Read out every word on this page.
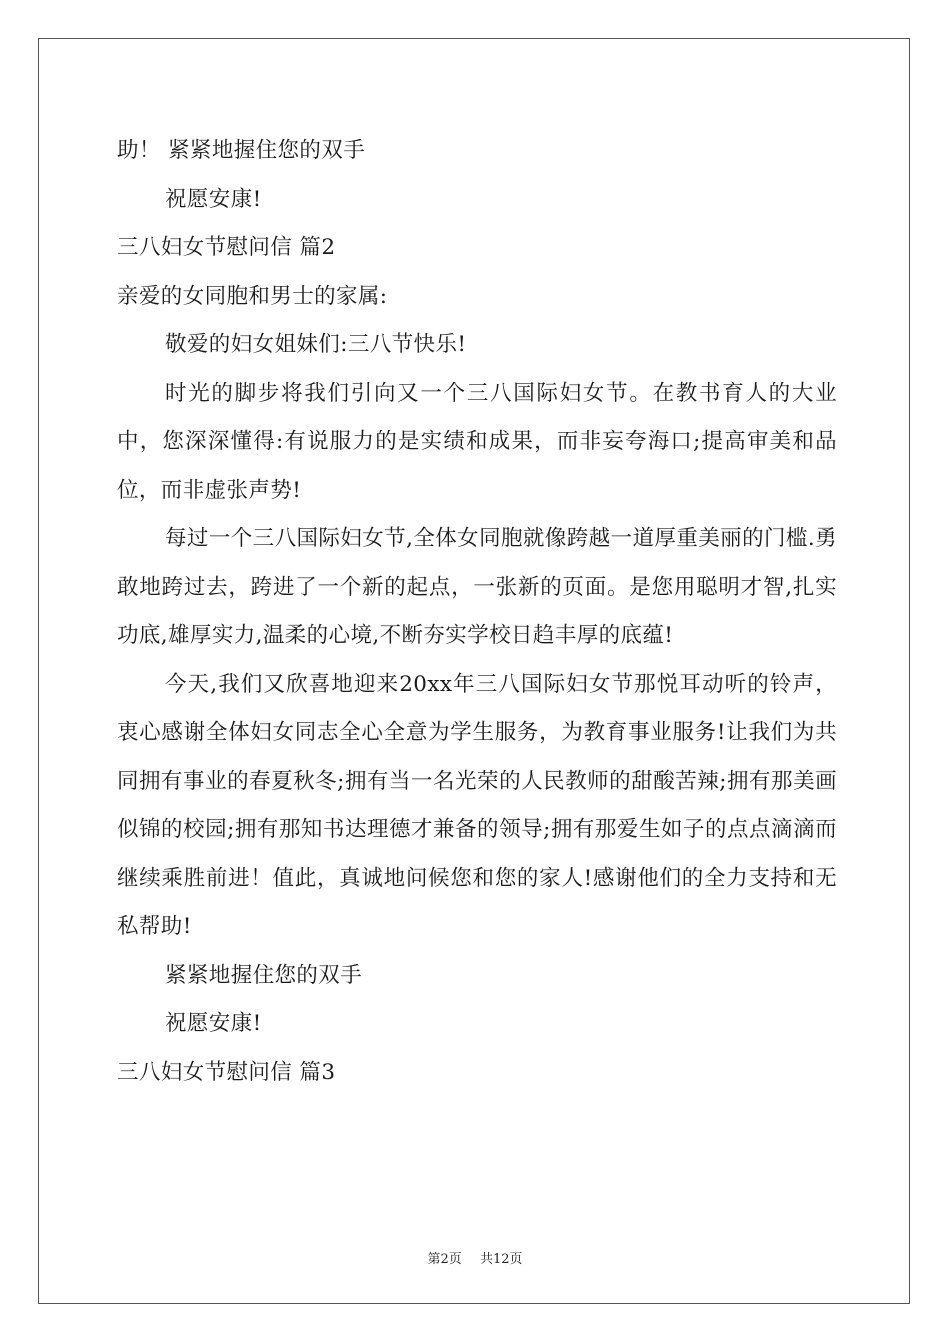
助！ 紧紧地握住您的双手
祝愿安康!
三八妇女节慰问信 篇2
亲爱的女同胞和男士的家属:
敬爱的妇女姐妹们:三八节快乐!

时光的脚步将我们引向又一个三八国际妇女节。在教书育人的大业中，您深深懂得:有说服力的是实绩和成果，而非妄夸海口;提高审美和品位，而非虚张声势!

每过一个三八国际妇女节,全体女同胞就像跨越一道厚重美丽的门槛.勇敢地跨过去，跨进了一个新的起点，一张新的页面。是您用聪明才智,扎实功底,雄厚实力,温柔的心境,不断夯实学校日趋丰厚的底蕴!

今天,我们又欣喜地迎来20xx年三八国际妇女节那悦耳动听的铃声，衷心感谢全体妇女同志全心全意为学生服务，为教育事业服务!让我们为共同拥有事业的春夏秋冬;拥有当一名光荣的人民教师的甜酸苦辣;拥有那美画似锦的校园;拥有那知书达理德才兼备的领导;拥有那爱生如子的点点滴滴而继续乘胜前进！值此，真诚地问候您和您的家人!感谢他们的全力支持和无私帮助!

紧紧地握住您的双手
祝愿安康!
三八妇女节慰问信 篇3
第2页 共12页
